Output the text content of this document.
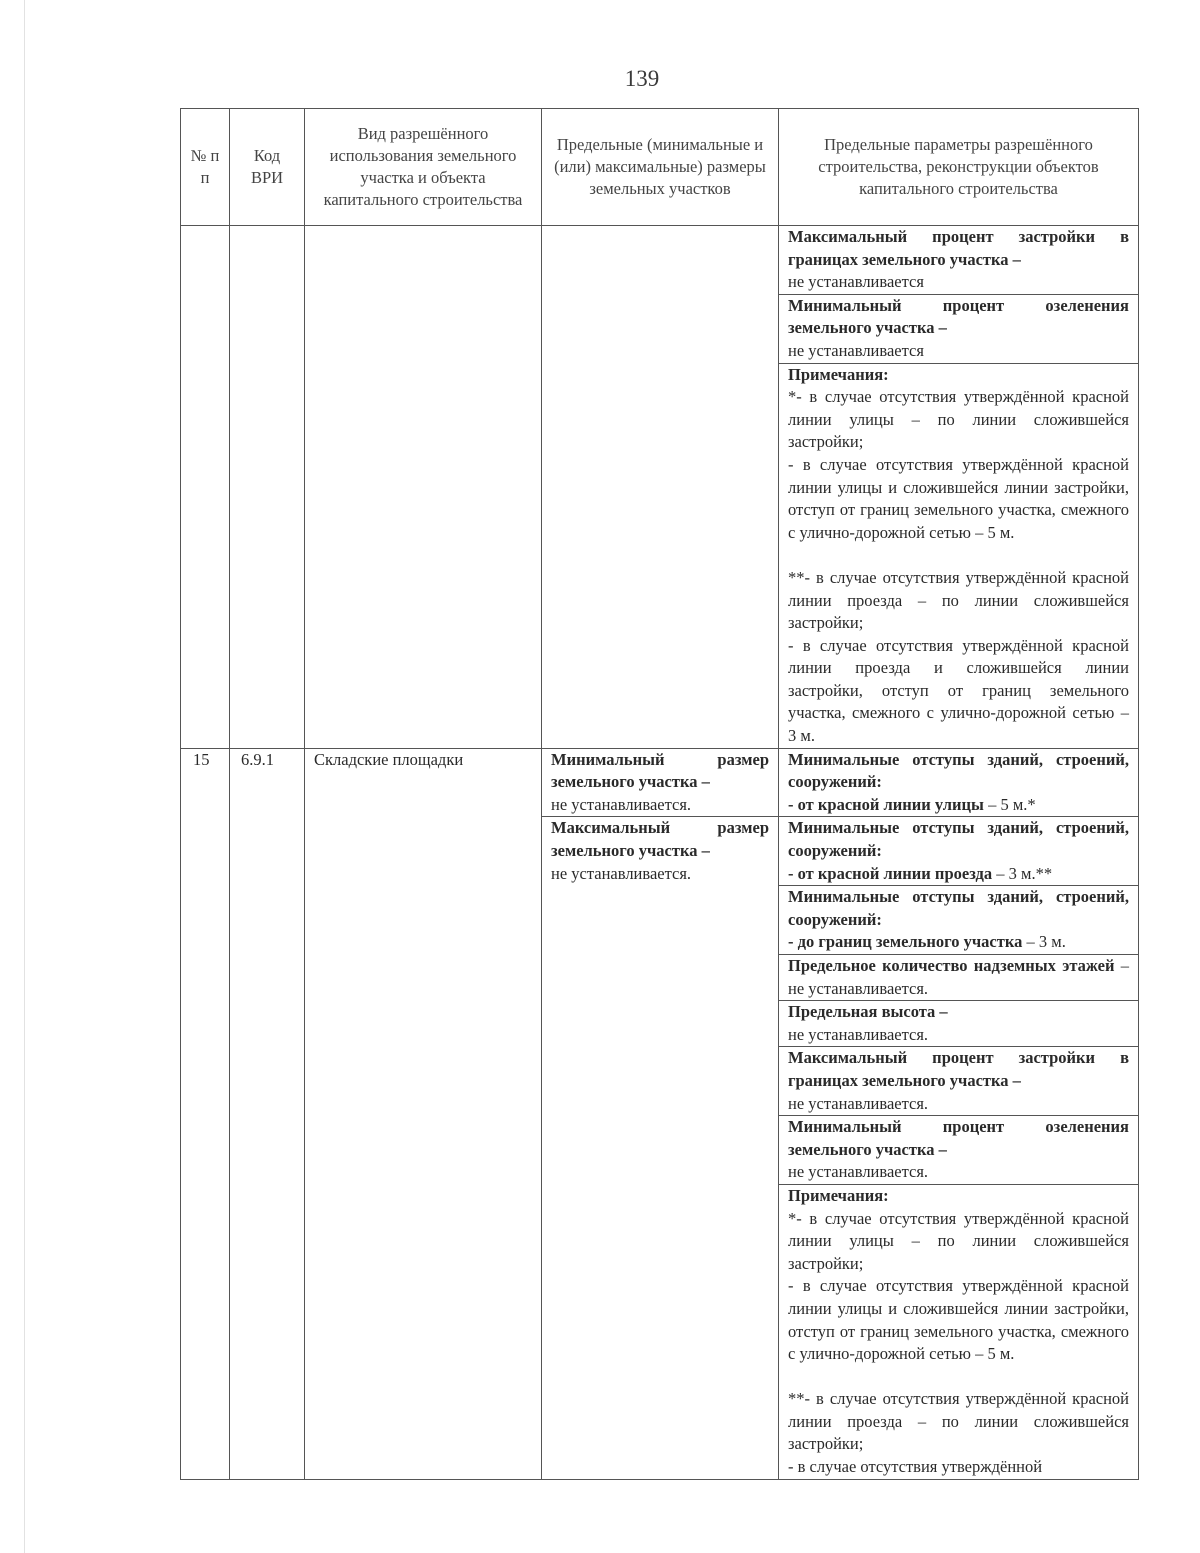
139
№ п​п	Код ВРИ	Вид разрешённого использования земельного участка и объекта капитального строительства	Предельные (минимальные и (или) максимальные) размеры земельных участков	Предельные параметры разрешённого строительства, реконструкции объектов капитального строительства
				Максимальный процент застройки в границах земельного участка –
не устанавливается
				Минимальный процент озеленения земельного участка –
не устанавливается

				Примечания:
*- в случае отсутствия утверждённой красной линии улицы – по линии сложившейся застройки;
- в случае отсутствия утверждённой красной линии улицы и сложившейся линии застройки, отступ от границ земельного участка, смежного с улично-дорожной сетью – 5 м.
**- в случае отсутствия утверждённой красной линии проезда – по линии сложившейся застройки;
- в случае отсутствия утверждённой красной линии проезда и сложившейся линии застройки, отступ от границ земельного участка, смежного с улично-дорожной сетью – 3 м.

15	6.9.1	Складские площадки	Минимальный размер земельного участка –
не устанавливается.	Минимальные отступы зданий, строений, сооружений:
- от красной линии улицы – 5 м.*
			Максимальный размер земельного участка –
не устанавливается.	Минимальные отступы зданий, строений, сооружений:
- от красной линии проезда – 3 м.**
				Минимальные отступы зданий, строений, сооружений:
- до границ земельного участка – 3 м.
				Предельное количество надземных этажей – не устанавливается.
				Предельная высота –
не устанавливается.
				Максимальный процент застройки в границах земельного участка –
не устанавливается.
				Минимальный процент озеленения земельного участка –
не устанавливается.

				Примечания:
*- в случае отсутствия утверждённой красной линии улицы – по линии сложившейся застройки;
- в случае отсутствия утверждённой красной линии улицы и сложившейся линии застройки, отступ от границ земельного участка, смежного с улично-дорожной сетью – 5 м.
**- в случае отсутствия утверждённой красной линии проезда – по линии сложившейся застройки;
- в случае отсутствия утверждённой
